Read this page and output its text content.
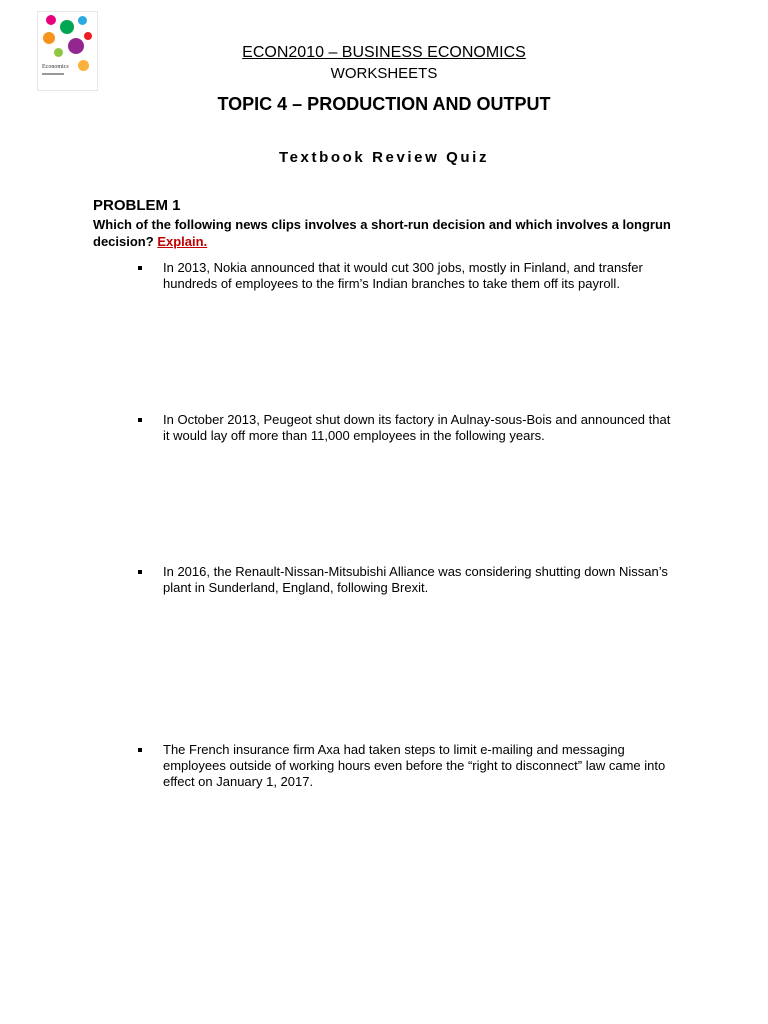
Economics
ECON2010 – BUSINESS ECONOMICS
WORKSHEETS
TOPIC 4 – PRODUCTION AND OUTPUT
Textbook Review Quiz
PROBLEM 1
Which of the following news clips involves a short-run decision and which involves a longrun decision? Explain.
In 2013, Nokia announced that it would cut 300 jobs, mostly in Finland, and transfer hundreds of employees to the firm’s Indian branches to take them off its payroll.
In October 2013, Peugeot shut down its factory in Aulnay-sous-Bois and announced that it would lay off more than 11,000 employees in the following years.
In 2016, the Renault-Nissan-Mitsubishi Alliance was considering shutting down Nissan’s plant in Sunderland, England, following Brexit.
The French insurance firm Axa had taken steps to limit e-mailing and messaging employees outside of working hours even before the “right to disconnect” law came into effect on January 1, 2017.
